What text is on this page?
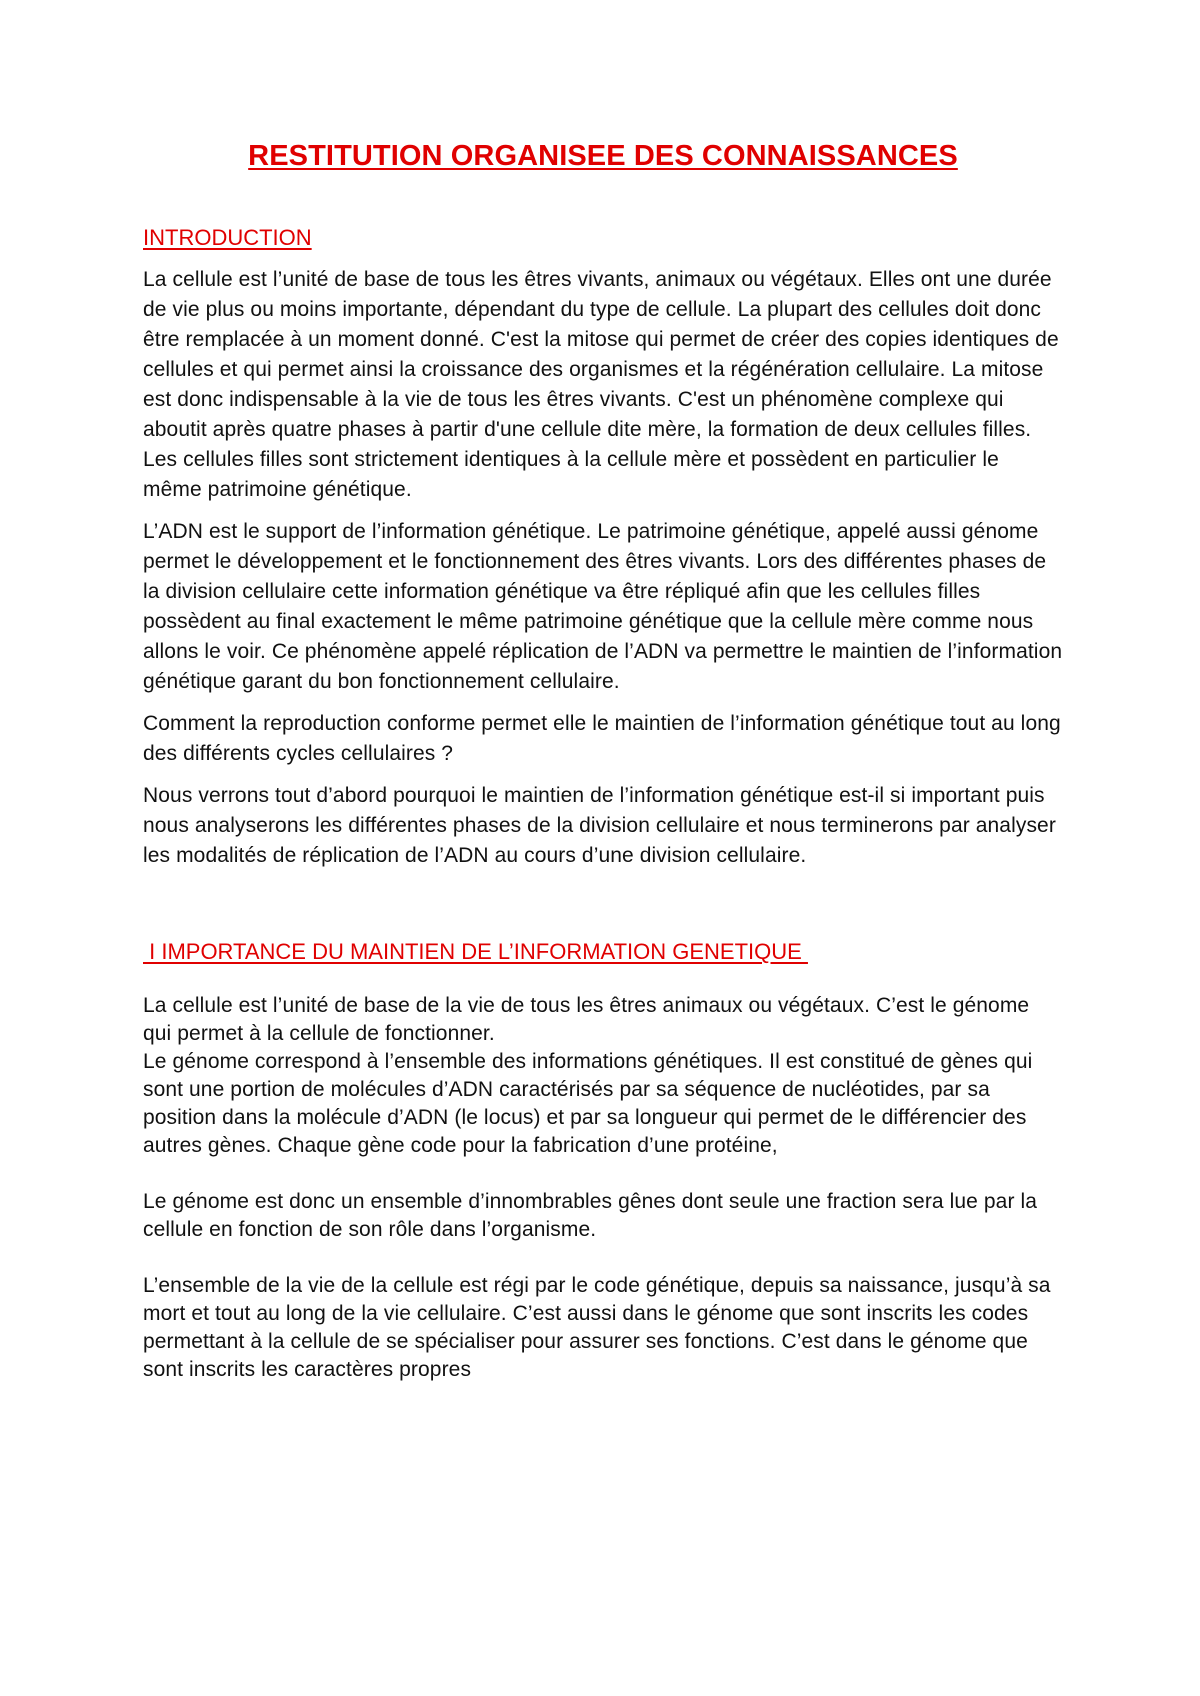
RESTITUTION ORGANISEE DES CONNAISSANCES
INTRODUCTION

La cellule est l’unité de base de tous les êtres vivants, animaux ou végétaux. Elles ont une durée de vie plus ou moins importante, dépendant du type de cellule. La plupart des cellules doit donc être remplacée à un moment donné. C'est la mitose qui permet de créer des copies identiques de cellules et qui permet ainsi la croissance des organismes et la régénération cellulaire. La mitose est donc indispensable à la vie de tous les êtres vivants. C'est un phénomène complexe qui aboutit après quatre phases à partir d'une cellule dite mère, la formation de deux cellules filles. Les cellules filles sont strictement identiques à la cellule mère et possèdent en particulier le même patrimoine génétique.

L’ADN est le support de l’information génétique. Le patrimoine génétique, appelé aussi génome permet le développement et le fonctionnement des êtres vivants. Lors des différentes phases de la division cellulaire cette information génétique va être répliqué afin que les cellules filles possèdent au final exactement le même patrimoine génétique que la cellule mère comme nous allons le voir. Ce phénomène appelé réplication de l’ADN va permettre le maintien de l’information génétique garant du bon fonctionnement cellulaire.

Comment la reproduction conforme permet elle le maintien de l’information génétique tout au long des différents cycles cellulaires ?

Nous verrons tout d’abord pourquoi le maintien de l’information génétique est-il si important puis nous analyserons les différentes phases de la division cellulaire et nous terminerons par analyser les modalités de réplication de l’ADN au cours d’une division cellulaire.

I IMPORTANCE DU MAINTIEN DE L’INFORMATION GENETIQUE

La cellule est l’unité de base de la vie de tous les êtres animaux ou végétaux. C’est le génome qui permet à la cellule de fonctionner.

Le génome correspond à l’ensemble des informations génétiques. Il est constitué de gènes qui sont une portion de molécules d’ADN caractérisés par sa séquence de nucléotides, par sa position dans la molécule d’ADN (le locus) et par sa longueur qui permet de le différencier des autres gènes. Chaque gène code pour la fabrication d’une protéine,

Le génome est donc un ensemble d’innombrables gênes dont seule une fraction sera lue par la cellule en fonction de son rôle dans l’organisme.

L’ensemble de la vie de la cellule est régi par le code génétique, depuis sa naissance, jusqu’à sa mort et tout au long de la vie cellulaire. C’est aussi dans le génome que sont inscrits les codes permettant à la cellule de se spécialiser pour assurer ses fonctions. C’est dans le génome que sont inscrits les caractères propres
